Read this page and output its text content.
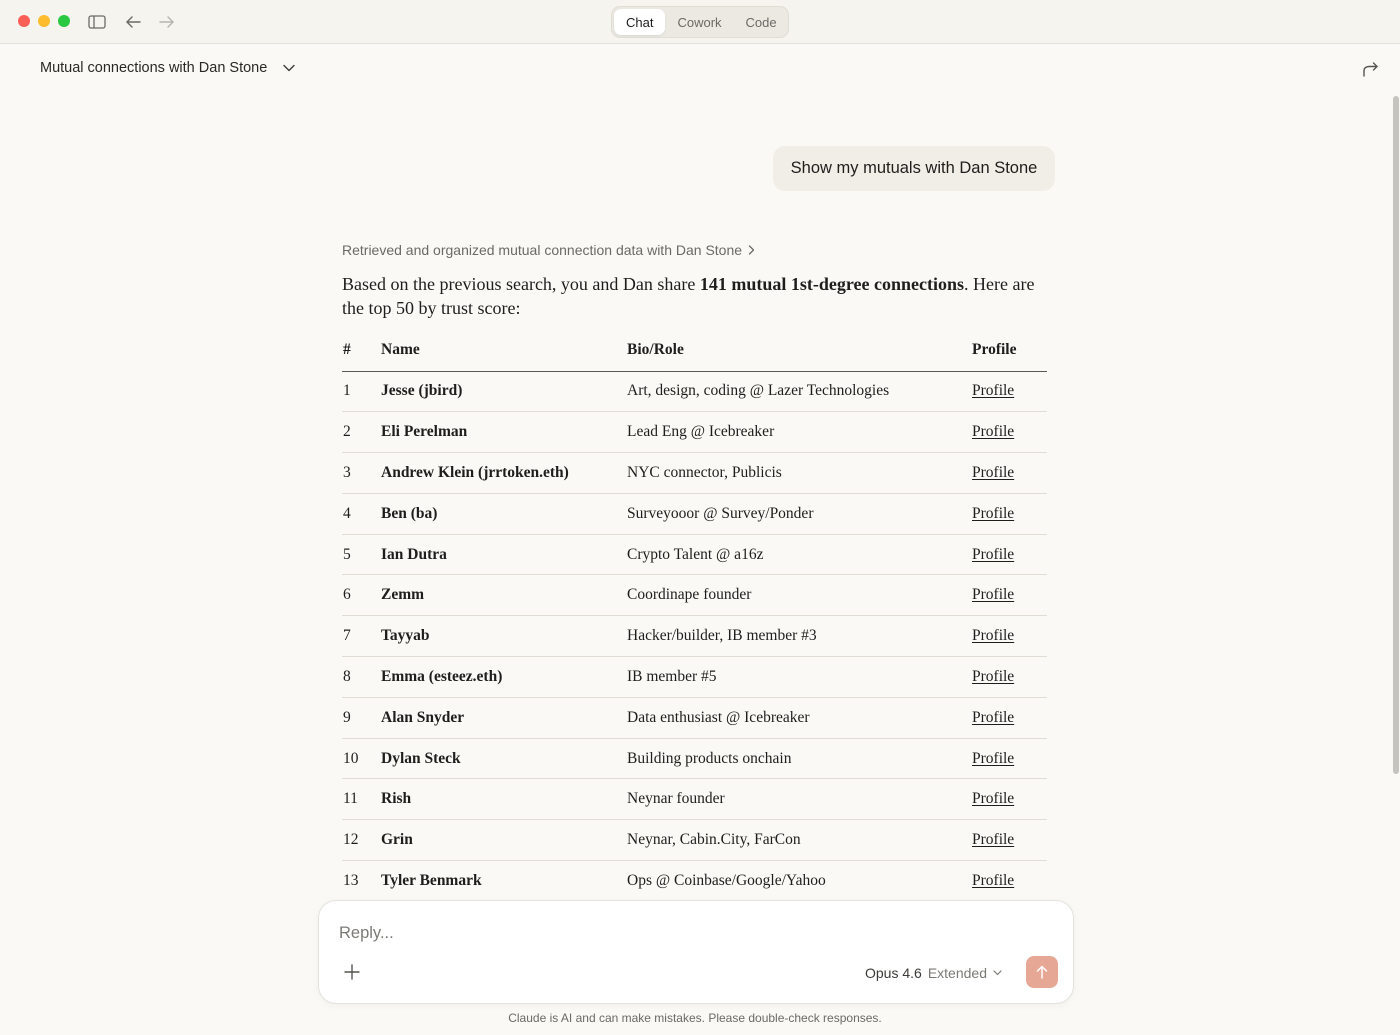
Chat	Cowork	Code
Mutual connections with Dan Stone
Show my mutuals with Dan Stone
Retrieved and organized mutual connection data with Dan Stone
Based on the previous search, you and Dan share 141 mutual 1st-degree connections. Here are the top 50 by trust score:
#	Name	Bio/Role	Profile
1	Jesse (jbird)	Art, design, coding @ Lazer Technologies	Profile
2	Eli Perelman	Lead Eng @ Icebreaker	Profile
3	Andrew Klein (jrrtoken.eth)	NYC connector, Publicis	Profile
4	Ben (ba)	Surveyooor @ Survey/Ponder	Profile
5	Ian Dutra	Crypto Talent @ a16z	Profile
6	Zemm	Coordinape founder	Profile
7	Tayyab	Hacker/builder, IB member #3	Profile
8	Emma (esteez.eth)	IB member #5	Profile
9	Alan Snyder	Data enthusiast @ Icebreaker	Profile
10	Dylan Steck	Building products onchain	Profile
11	Rish	Neynar founder	Profile
12	Grin	Neynar, Cabin.City, FarCon	Profile
13	Tyler Benmark	Ops @ Coinbase/Google/Yahoo	Profile

Reply...
Opus 4.6 Extended
Claude is AI and can make mistakes. Please double-check responses.
